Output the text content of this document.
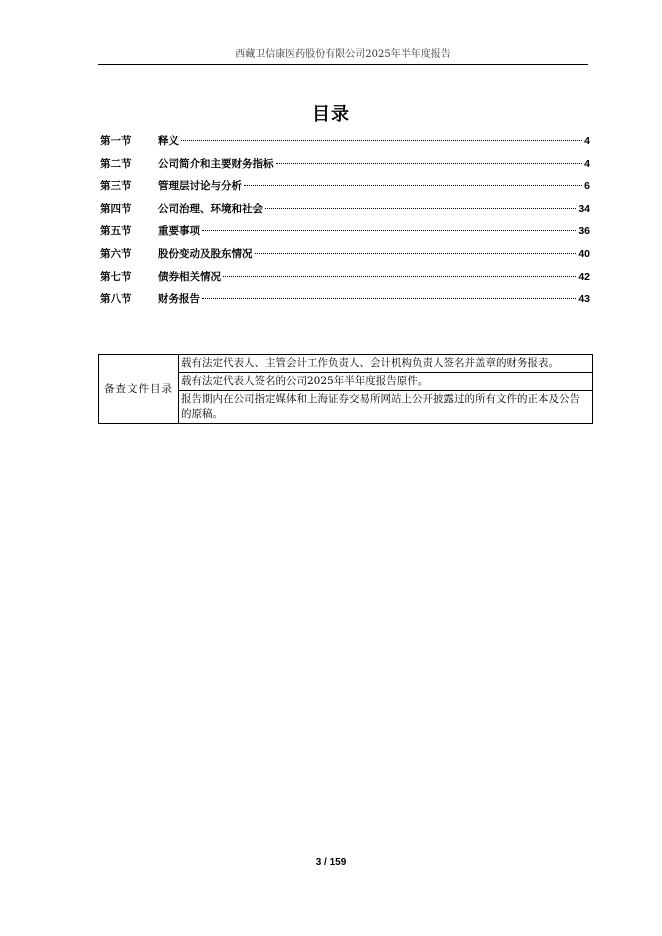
西藏卫信康医药股份有限公司2025年半年度报告
目录
第一节	释义	4
第二节	公司简介和主要财务指标	4
第三节	管理层讨论与分析	6
第四节	公司治理、环境和社会	34
第五节	重要事项	36
第六节	股份变动及股东情况	40
第七节	债券相关情况	42
第八节	财务报告	43
备查文件目录	载有法定代表人、主管会计工作负责人、会计机构负责人签名并盖章的财务报表。
载有法定代表人签名的公司2025年半年度报告原件。
报告期内在公司指定媒体和上海证券交易所网站上公开披露过的所有文件的正本及公告的原稿。
3 / 159
